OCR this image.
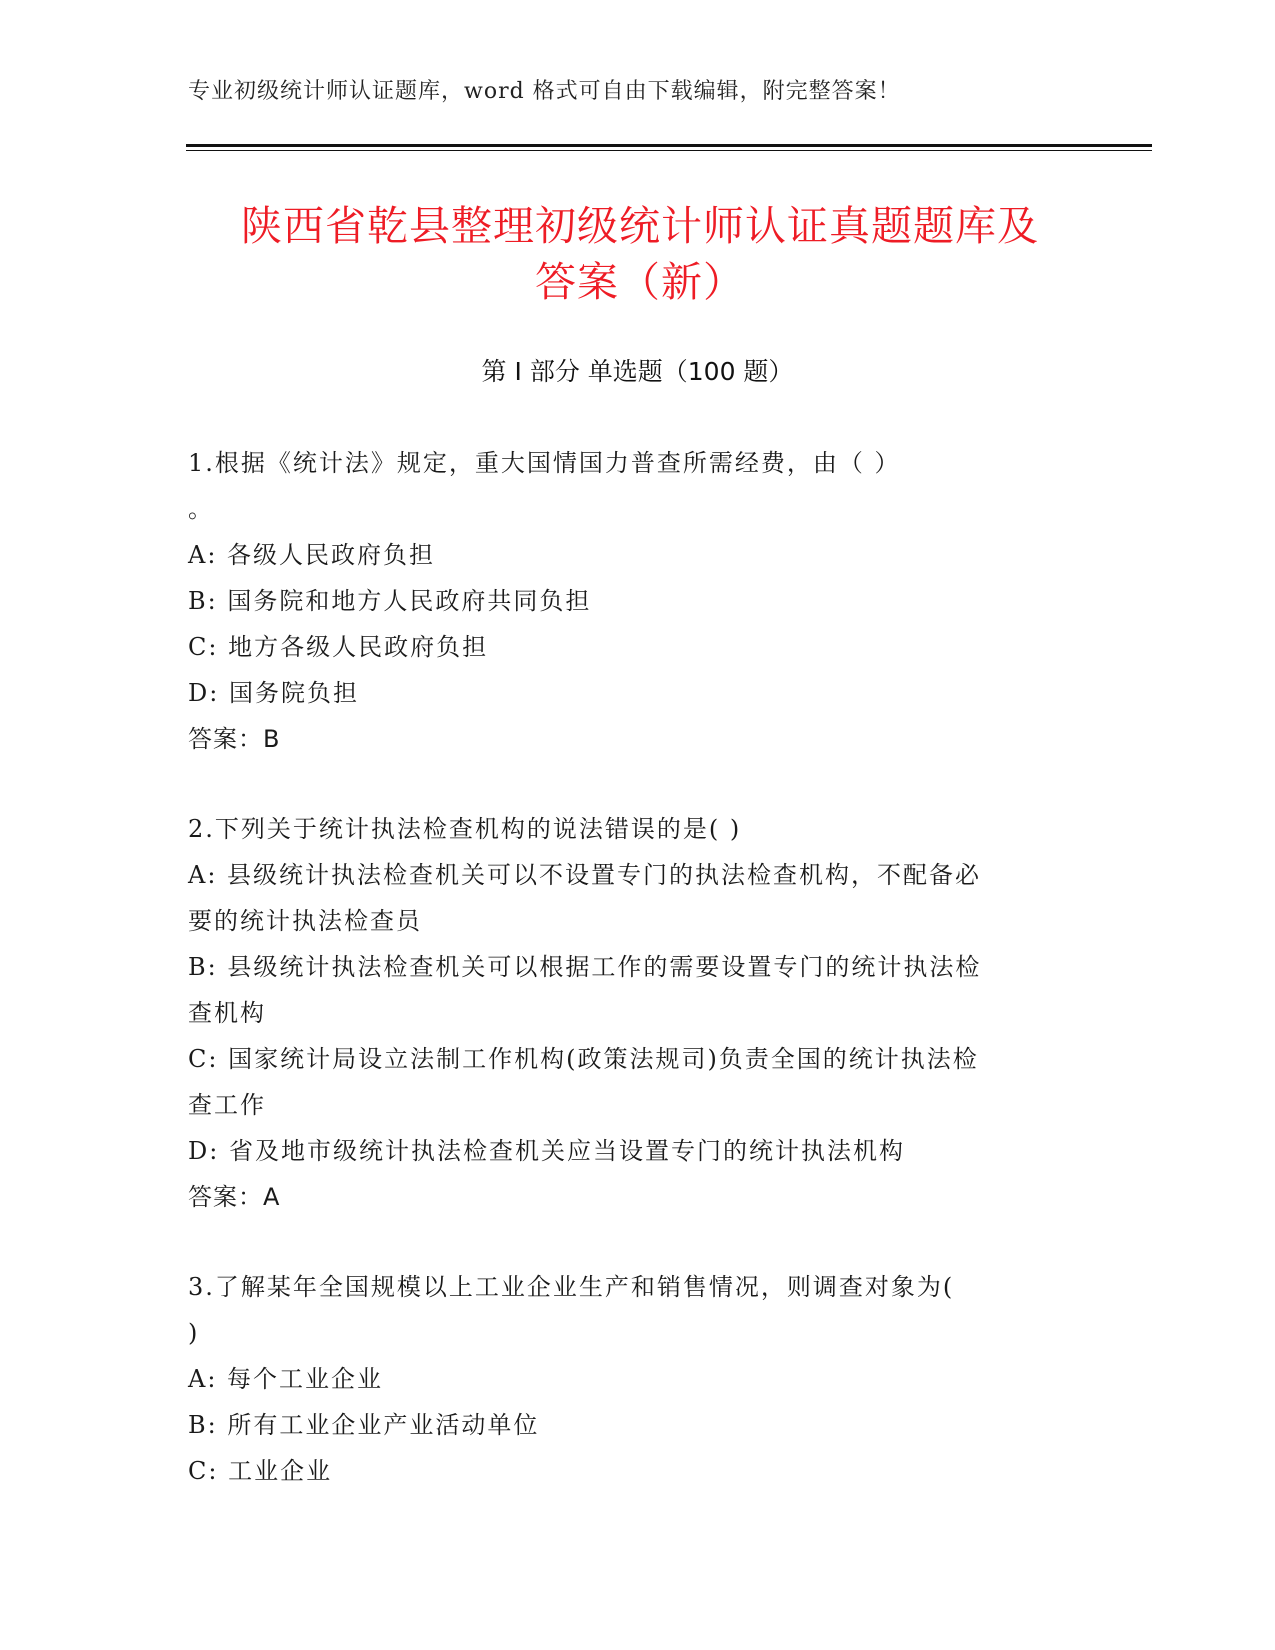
专业初级统计师认证题库，word 格式可自由下载编辑，附完整答案！
陕西省乾县整理初级统计师认证真题题库及
答案（新）
第 I 部分 单选题（100 题）
1.根据《统计法》规定，重大国情国力普查所需经费，由（ ）
。
A: 各级人民政府负担
B: 国务院和地方人民政府共同负担
C: 地方各级人民政府负担
D: 国务院负担
答案：B
2.下列关于统计执法检查机构的说法错误的是( )
A: 县级统计执法检查机关可以不设置专门的执法检查机构，不配备必
要的统计执法检查员
B: 县级统计执法检查机关可以根据工作的需要设置专门的统计执法检
查机构
C: 国家统计局设立法制工作机构(政策法规司)负责全国的统计执法检
查工作
D: 省及地市级统计执法检查机关应当设置专门的统计执法机构
答案：A
3.了解某年全国规模以上工业企业生产和销售情况，则调查对象为(
)
A: 每个工业企业
B: 所有工业企业产业活动单位
C: 工业企业
